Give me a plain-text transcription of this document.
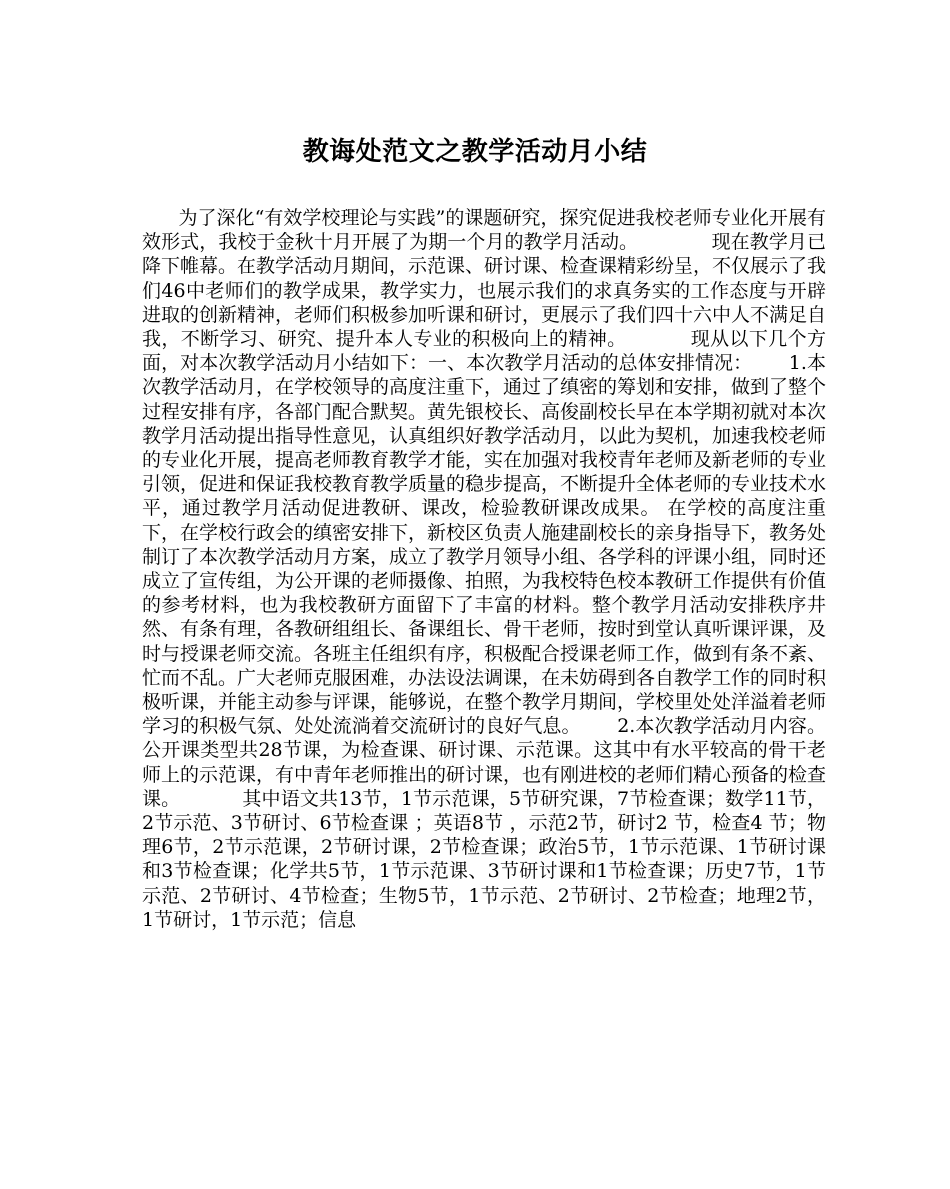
教诲处范文之教学活动月小结

为了深化“有效学校理论与实践”的课题研究，探究促进我校老师专业化开展有效形式，我校于金秋十月开展了为期一个月的教学月活动。            现在教学月已降下帷幕。在教学活动月期间，示范课、研讨课、检查课精彩纷呈，不仅展示了我们46中老师们的教学成果，教学实力，也展示我们的求真务实的工作态度与开辟进取的创新精神，老师们积极参加听课和研讨，更展示了我们四十六中人不满足自我，不断学习、研究、提升本人专业的积极向上的精神。          现从以下几个方面，对本次教学活动月小结如下：一、本次教学月活动的总体安排情况：      1.本次教学活动月，在学校领导的高度注重下，通过了缜密的筹划和安排，做到了整个过程安排有序，各部门配合默契。黄先银校长、高俊副校长早在本学期初就对本次教学月活动提出指导性意见，认真组织好教学活动月，以此为契机，加速我校老师的专业化开展，提高老师教育教学才能，实在加强对我校青年老师及新老师的专业引领，促进和保证我校教育教学质量的稳步提高，不断提升全体老师的专业技术水平，通过教学月活动促进教研、课改，检验教研课改成果。 在学校的高度注重下，在学校行政会的缜密安排下，新校区负责人施建副校长的亲身指导下，教务处制订了本次教学活动月方案，成立了教学月领导小组、各学科的评课小组，同时还成立了宣传组，为公开课的老师摄像、拍照，为我校特色校本教研工作提供有价值的参考材料，也为我校教研方面留下了丰富的材料。整个教学月活动安排秩序井然、有条有理，各教研组组长、备课组长、骨干老师，按时到堂认真听课评课，及时与授课老师交流。各班主任组织有序，积极配合授课老师工作，做到有条不紊、忙而不乱。广大老师克服困难，办法设法调课，在未妨碍到各自教学工作的同时积极听课，并能主动参与评课，能够说，在整个教学月期间，学校里处处洋溢着老师学习的积极气氛、处处流淌着交流研讨的良好气息。      2.本次教学活动月内容。          公开课类型共28节课，为检查课、研讨课、示范课。这其中有水平较高的骨干老师上的示范课，有中青年老师推出的研讨课，也有刚进校的老师们精心预备的检查课。          其中语文共13节，1节示范课，5节研究课，7节检查课；数学11节，2节示范、3节研讨、6节检查课 ；英语8节 ，示范2节，研讨2 节，检查4 节；物理6节，2节示范课，2节研讨课，2节检查课；政治5节，1节示范课、1节研讨课和3节检查课；化学共5节，1节示范课、3节研讨课和1节检查课；历史7节，1节示范、2节研讨、4节检查；生物5节，1节示范、2节研讨、2节检查；地理2节，1节研讨，1节示范；信息
